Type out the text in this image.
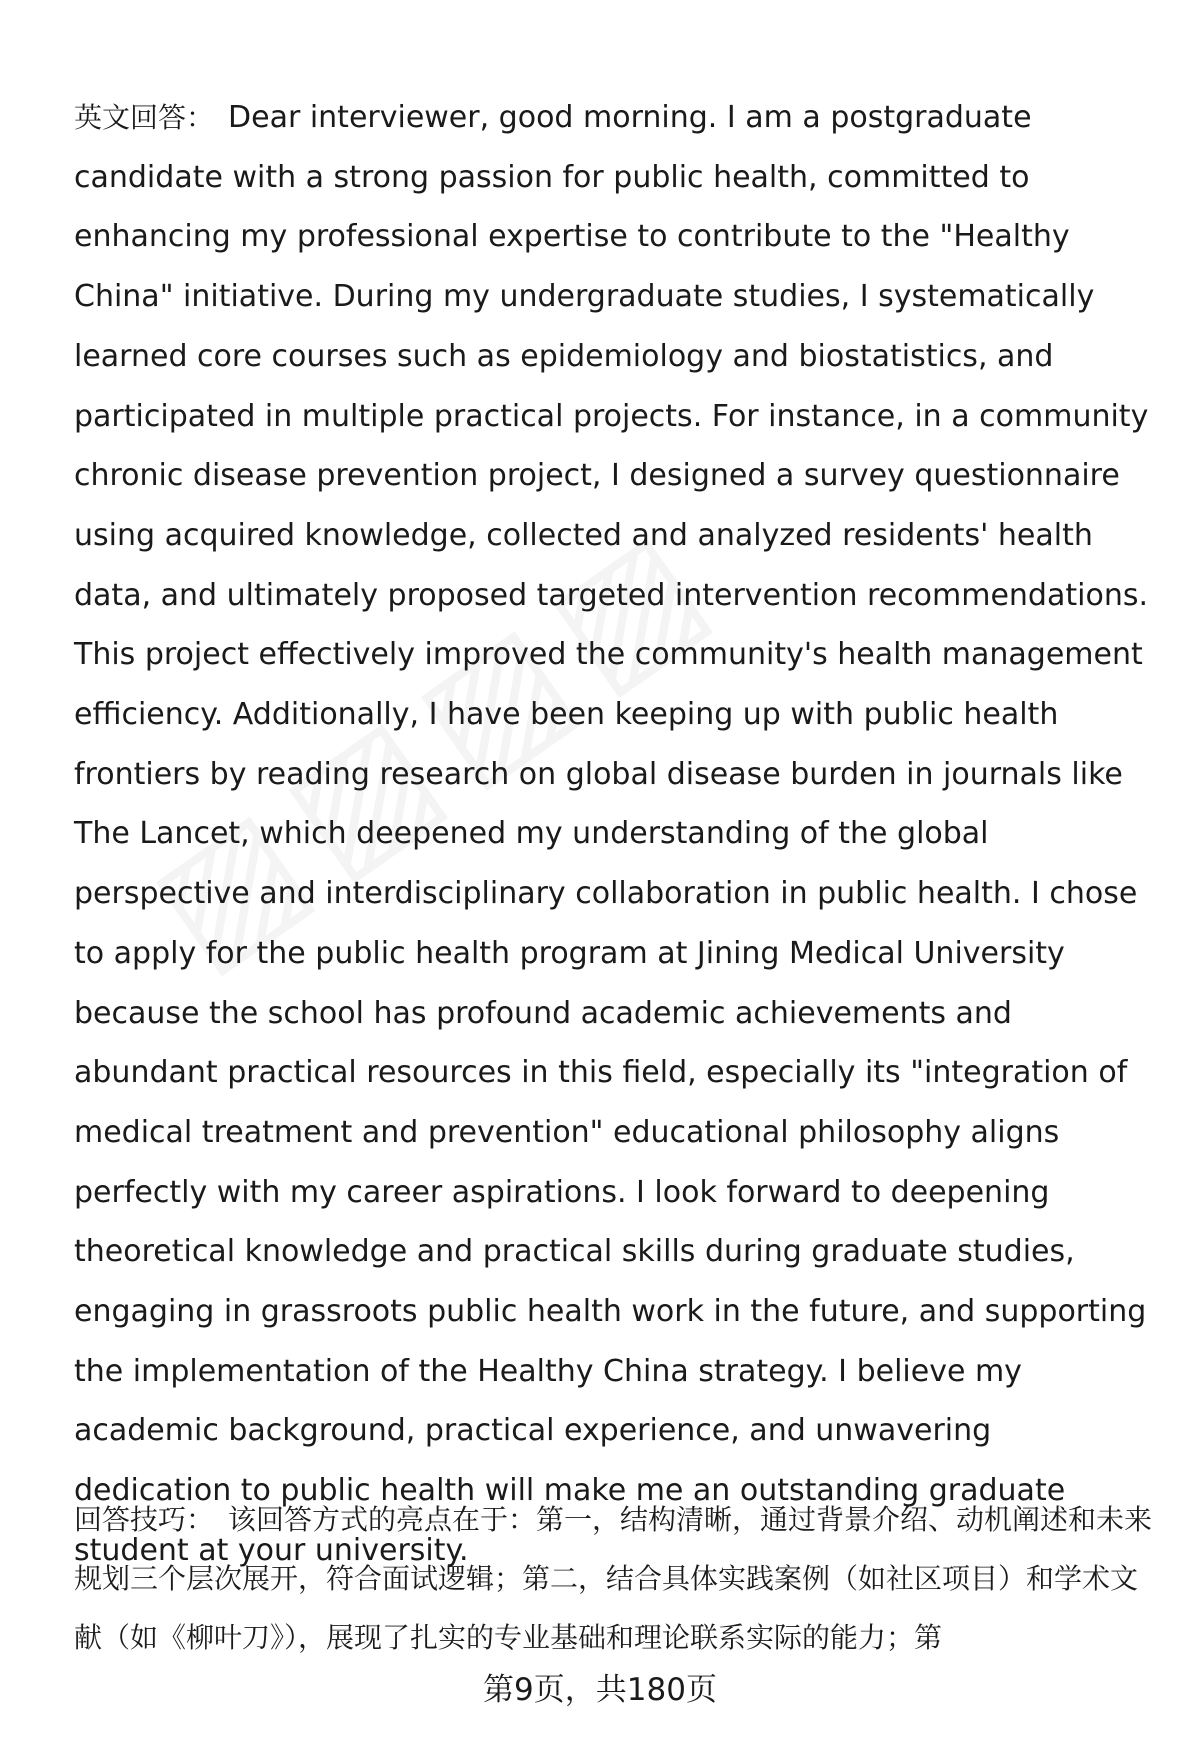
英文回答： Dear interviewer, good morning. I am a postgraduate candidate with a strong passion for public health, committed to enhancing my professional expertise to contribute to the "Healthy China" initiative. During my undergraduate studies, I systematically learned core courses such as epidemiology and biostatistics, and participated in multiple practical projects. For instance, in a community chronic disease prevention project, I designed a survey questionnaire using acquired knowledge, collected and analyzed residents' health data, and ultimately proposed targeted intervention recommendations. This project effectively improved the community's health management efficiency. Additionally, I have been keeping up with public health frontiers by reading research on global disease burden in journals like The Lancet, which deepened my understanding of the global perspective and interdisciplinary collaboration in public health. I chose to apply for the public health program at Jining Medical University because the school has profound academic achievements and abundant practical resources in this field, especially its "integration of medical treatment and prevention" educational philosophy aligns perfectly with my career aspirations. I look forward to deepening theoretical knowledge and practical skills during graduate studies, engaging in grassroots public health work in the future, and supporting the implementation of the Healthy China strategy. I believe my academic background, practical experience, and unwavering dedication to public health will make me an outstanding graduate student at your university.

回答技巧： 该回答方式的亮点在于：第一，结构清晰，通过背景介绍、动机阐述和未来规划三个层次展开，符合面试逻辑；第二，结合具体实践案例（如社区项目）和学术文献（如《柳叶刀》），展现了扎实的专业基础和理论联系实际的能力；第

第9页，共180页
